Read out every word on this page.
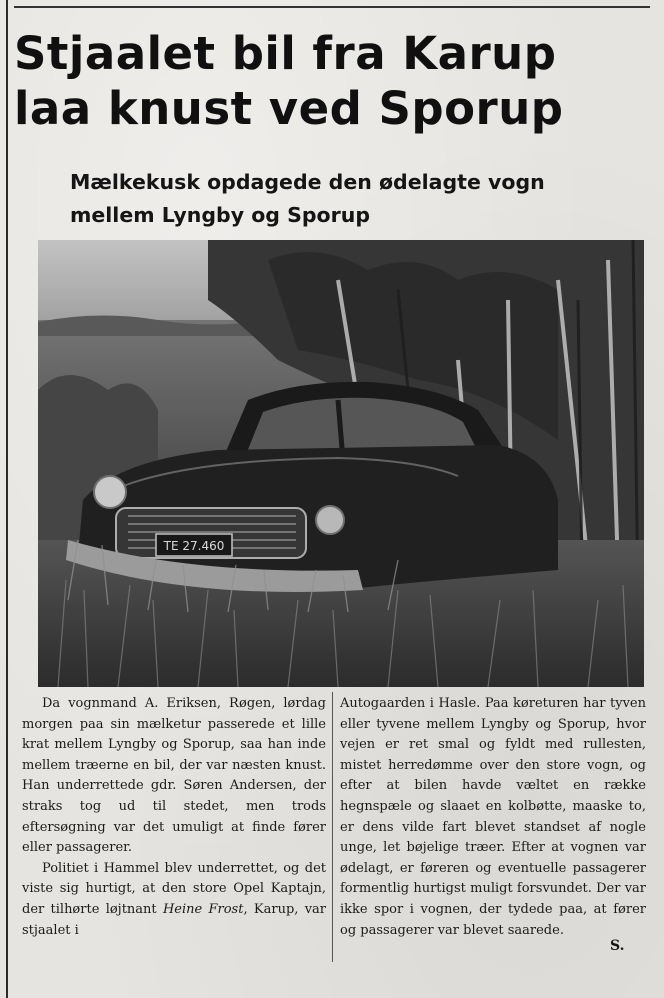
Stjaalet bil fra Karup
laa knust ved Sporup
Mælkekusk opdagede den ødelagte vogn
mellem Lyngby og Sporup
TE 27.460

Da vognmand A. Eriksen, Røgen, lørdag morgen paa sin mælketur passerede et lille krat mellem Lyngby og Sporup, saa han inde mellem træerne en bil, der var næsten knust. Han underrettede gdr. Søren Andersen, der straks tog ud til stedet, men trods eftersøgning var det umuligt at finde fører eller passagerer.

Politiet i Hammel blev underrettet, og det viste sig hurtigt, at den store Opel Kaptajn, der tilhørte løjtnant Heine Frost, Karup, var stjaalet i

Autogaarden i Hasle. Paa køreturen har tyven eller tyvene mellem Lyngby og Sporup, hvor vejen er ret smal og fyldt med rullesten, mistet herredømme over den store vogn, og efter at bilen havde væltet en række hegnspæle og slaaet en kolbøtte, maaske to, er dens vilde fart blevet standset af nogle unge, let bøjelige træer. Efter at vognen var ødelagt, er føreren og eventuelle passagerer formentlig hurtigst muligt forsvundet. Der var ikke spor i vognen, der tydede paa, at fører og passagerer var blevet saarede.

S.
